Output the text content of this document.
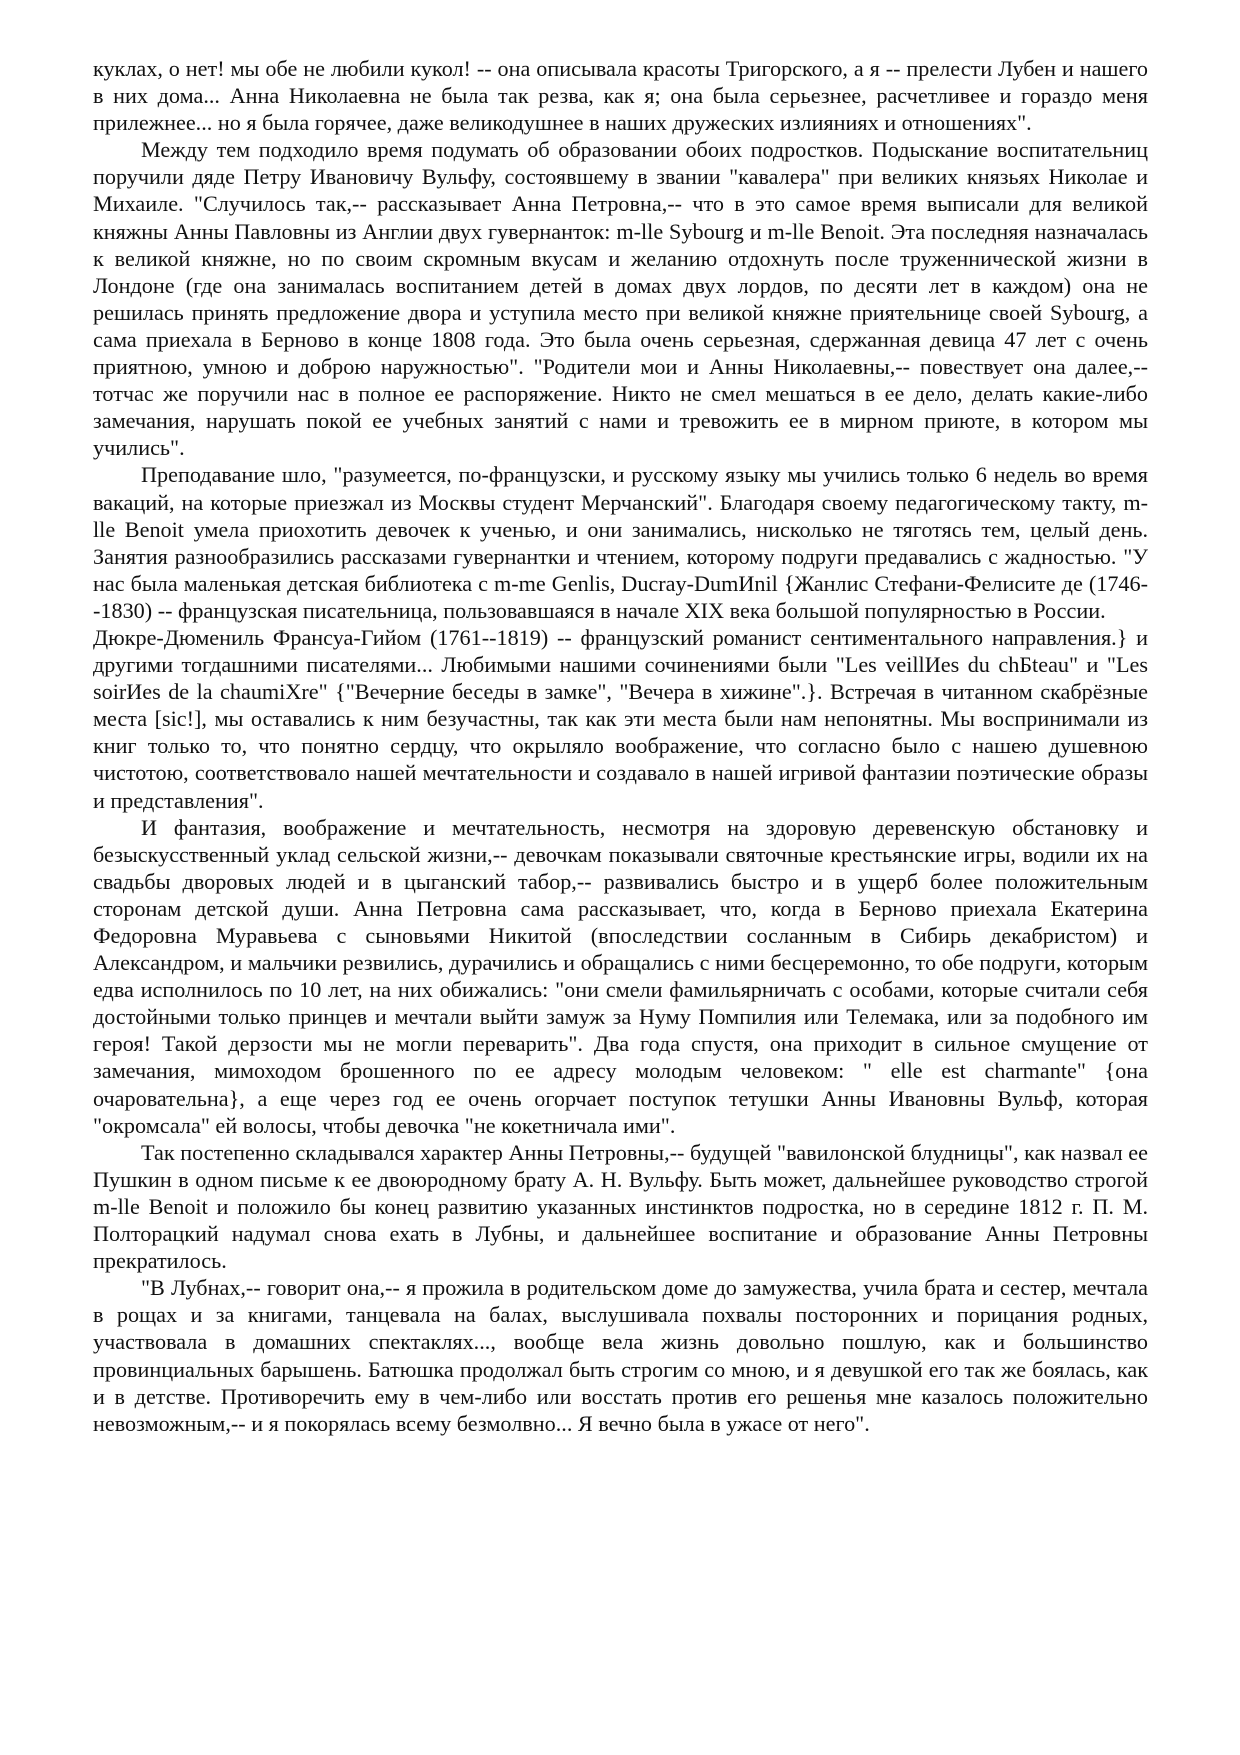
куклах, о нет! мы обе не любили кукол! -- она описывала красоты Тригорского, а я -- прелести Лубен и нашего в них дома... Анна Николаевна не была так резва, как я; она была серьезнее, расчетливее и гораздо меня прилежнее... но я была горячее, даже великодушнее в наших дружеских излияниях и отношениях".

Между тем подходило время подумать об образовании обоих подростков. Подыскание воспитательниц поручили дяде Петру Ивановичу Вульфу, состоявшему в звании "кавалера" при великих князьях Николае и Михаиле. "Случилось так,-- рассказывает Анна Петровна,-- что в это самое время выписали для великой княжны Анны Павловны из Англии двух гувернанток: m-lle Sybourg и m-lle Benoit. Эта последняя назначалась к великой княжне, но по своим скромным вкусам и желанию отдохнуть после труженнической жизни в Лондоне (где она занималась воспитанием детей в домах двух лордов, по десяти лет в каждом) она не решилась принять предложение двора и уступила место при великой княжне приятельнице своей Sybourg, а сама приехала в Берново в конце 1808 года. Это была очень серьезная, сдержанная девица 47 лет с очень приятною, умною и доброю наружностью". "Родители мои и Анны Николаевны,-- повествует она далее,-- тотчас же поручили нас в полное ее распоряжение. Никто не смел мешаться в ее дело, делать какие-либо замечания, нарушать покой ее учебных занятий с нами и тревожить ее в мирном приюте, в котором мы учились".

Преподавание шло, "разумеется, по-французски, и русскому языку мы учились только 6 недель во время вакаций, на которые приезжал из Москвы студент Мерчанский". Благодаря своему педагогическому такту, m-lle Benoit умела приохотить девочек к ученью, и они занимались, нисколько не тяготясь тем, целый день. Занятия разнообразились рассказами гувернантки и чтением, которому подруги предавались с жадностью. "У нас была маленькая детская библиотека с m-me Genlis, Ducray-DumИnil {Жанлис Стефани-Фелисите де (1746--1830) -- французская писательница, пользовавшаяся в начале XIX века большой популярностью в России.

Дюкре-Дюмениль Франсуа-Гийом (1761--1819) -- французский романист сентиментального направления.} и другими тогдашними писателями... Любимыми нашими сочинениями были "Les veillИes du chБteau" и "Les soirИes de la chaumiХre" {"Вечерние беседы в замке", "Вечера в хижине".}. Встречая в читанном скабрёзные места [sic!], мы оставались к ним безучастны, так как эти места были нам непонятны. Мы воспринимали из книг только то, что понятно сердцу, что окрыляло воображение, что согласно было с нашею душевною чистотою, соответствовало нашей мечтательности и создавало в нашей игривой фантазии поэтические образы и представления".

И фантазия, воображение и мечтательность, несмотря на здоровую деревенскую обстановку и безыскусственный уклад сельской жизни,-- девочкам показывали святочные крестьянские игры, водили их на свадьбы дворовых людей и в цыганский табор,-- развивались быстро и в ущерб более положительным сторонам детской души. Анна Петровна сама рассказывает, что, когда в Берново приехала Екатерина Федоровна Муравьева с сыновьями Никитой (впоследствии сосланным в Сибирь декабристом) и Александром, и мальчики резвились, дурачились и обращались с ними бесцеремонно, то обе подруги, которым едва исполнилось по 10 лет, на них обижались: "они смели фамильярничать с особами, которые считали себя достойными только принцев и мечтали выйти замуж за Нуму Помпилия или Телемака, или за подобного им героя! Такой дерзости мы не могли переварить". Два года спустя, она приходит в сильное смущение от замечания, мимоходом брошенного по ее адресу молодым человеком: " elle est charmante" {она очаровательна}, а еще через год ее очень огорчает поступок тетушки Анны Ивановны Вульф, которая "окромсала" ей волосы, чтобы девочка "не кокетничала ими".

Так постепенно складывался характер Анны Петровны,-- будущей "вавилонской блудницы", как назвал ее Пушкин в одном письме к ее двоюродному брату А. Н. Вульфу. Быть может, дальнейшее руководство строгой m-lle Benoit и положило бы конец развитию указанных инстинктов подростка, но в середине 1812 г. П. М. Полторацкий надумал снова ехать в Лубны, и дальнейшее воспитание и образование Анны Петровны прекратилось.

"В Лубнах,-- говорит она,-- я прожила в родительском доме до замужества, учила брата и сестер, мечтала в рощах и за книгами, танцевала на балах, выслушивала похвалы посторонних и порицания родных, участвовала в домашних спектаклях..., вообще вела жизнь довольно пошлую, как и большинство провинциальных барышень. Батюшка продолжал быть строгим со мною, и я девушкой его так же боялась, как и в детстве. Противоречить ему в чем-либо или восстать против его решенья мне казалось положительно невозможным,-- и я покорялась всему безмолвно... Я вечно была в ужасе от него".
